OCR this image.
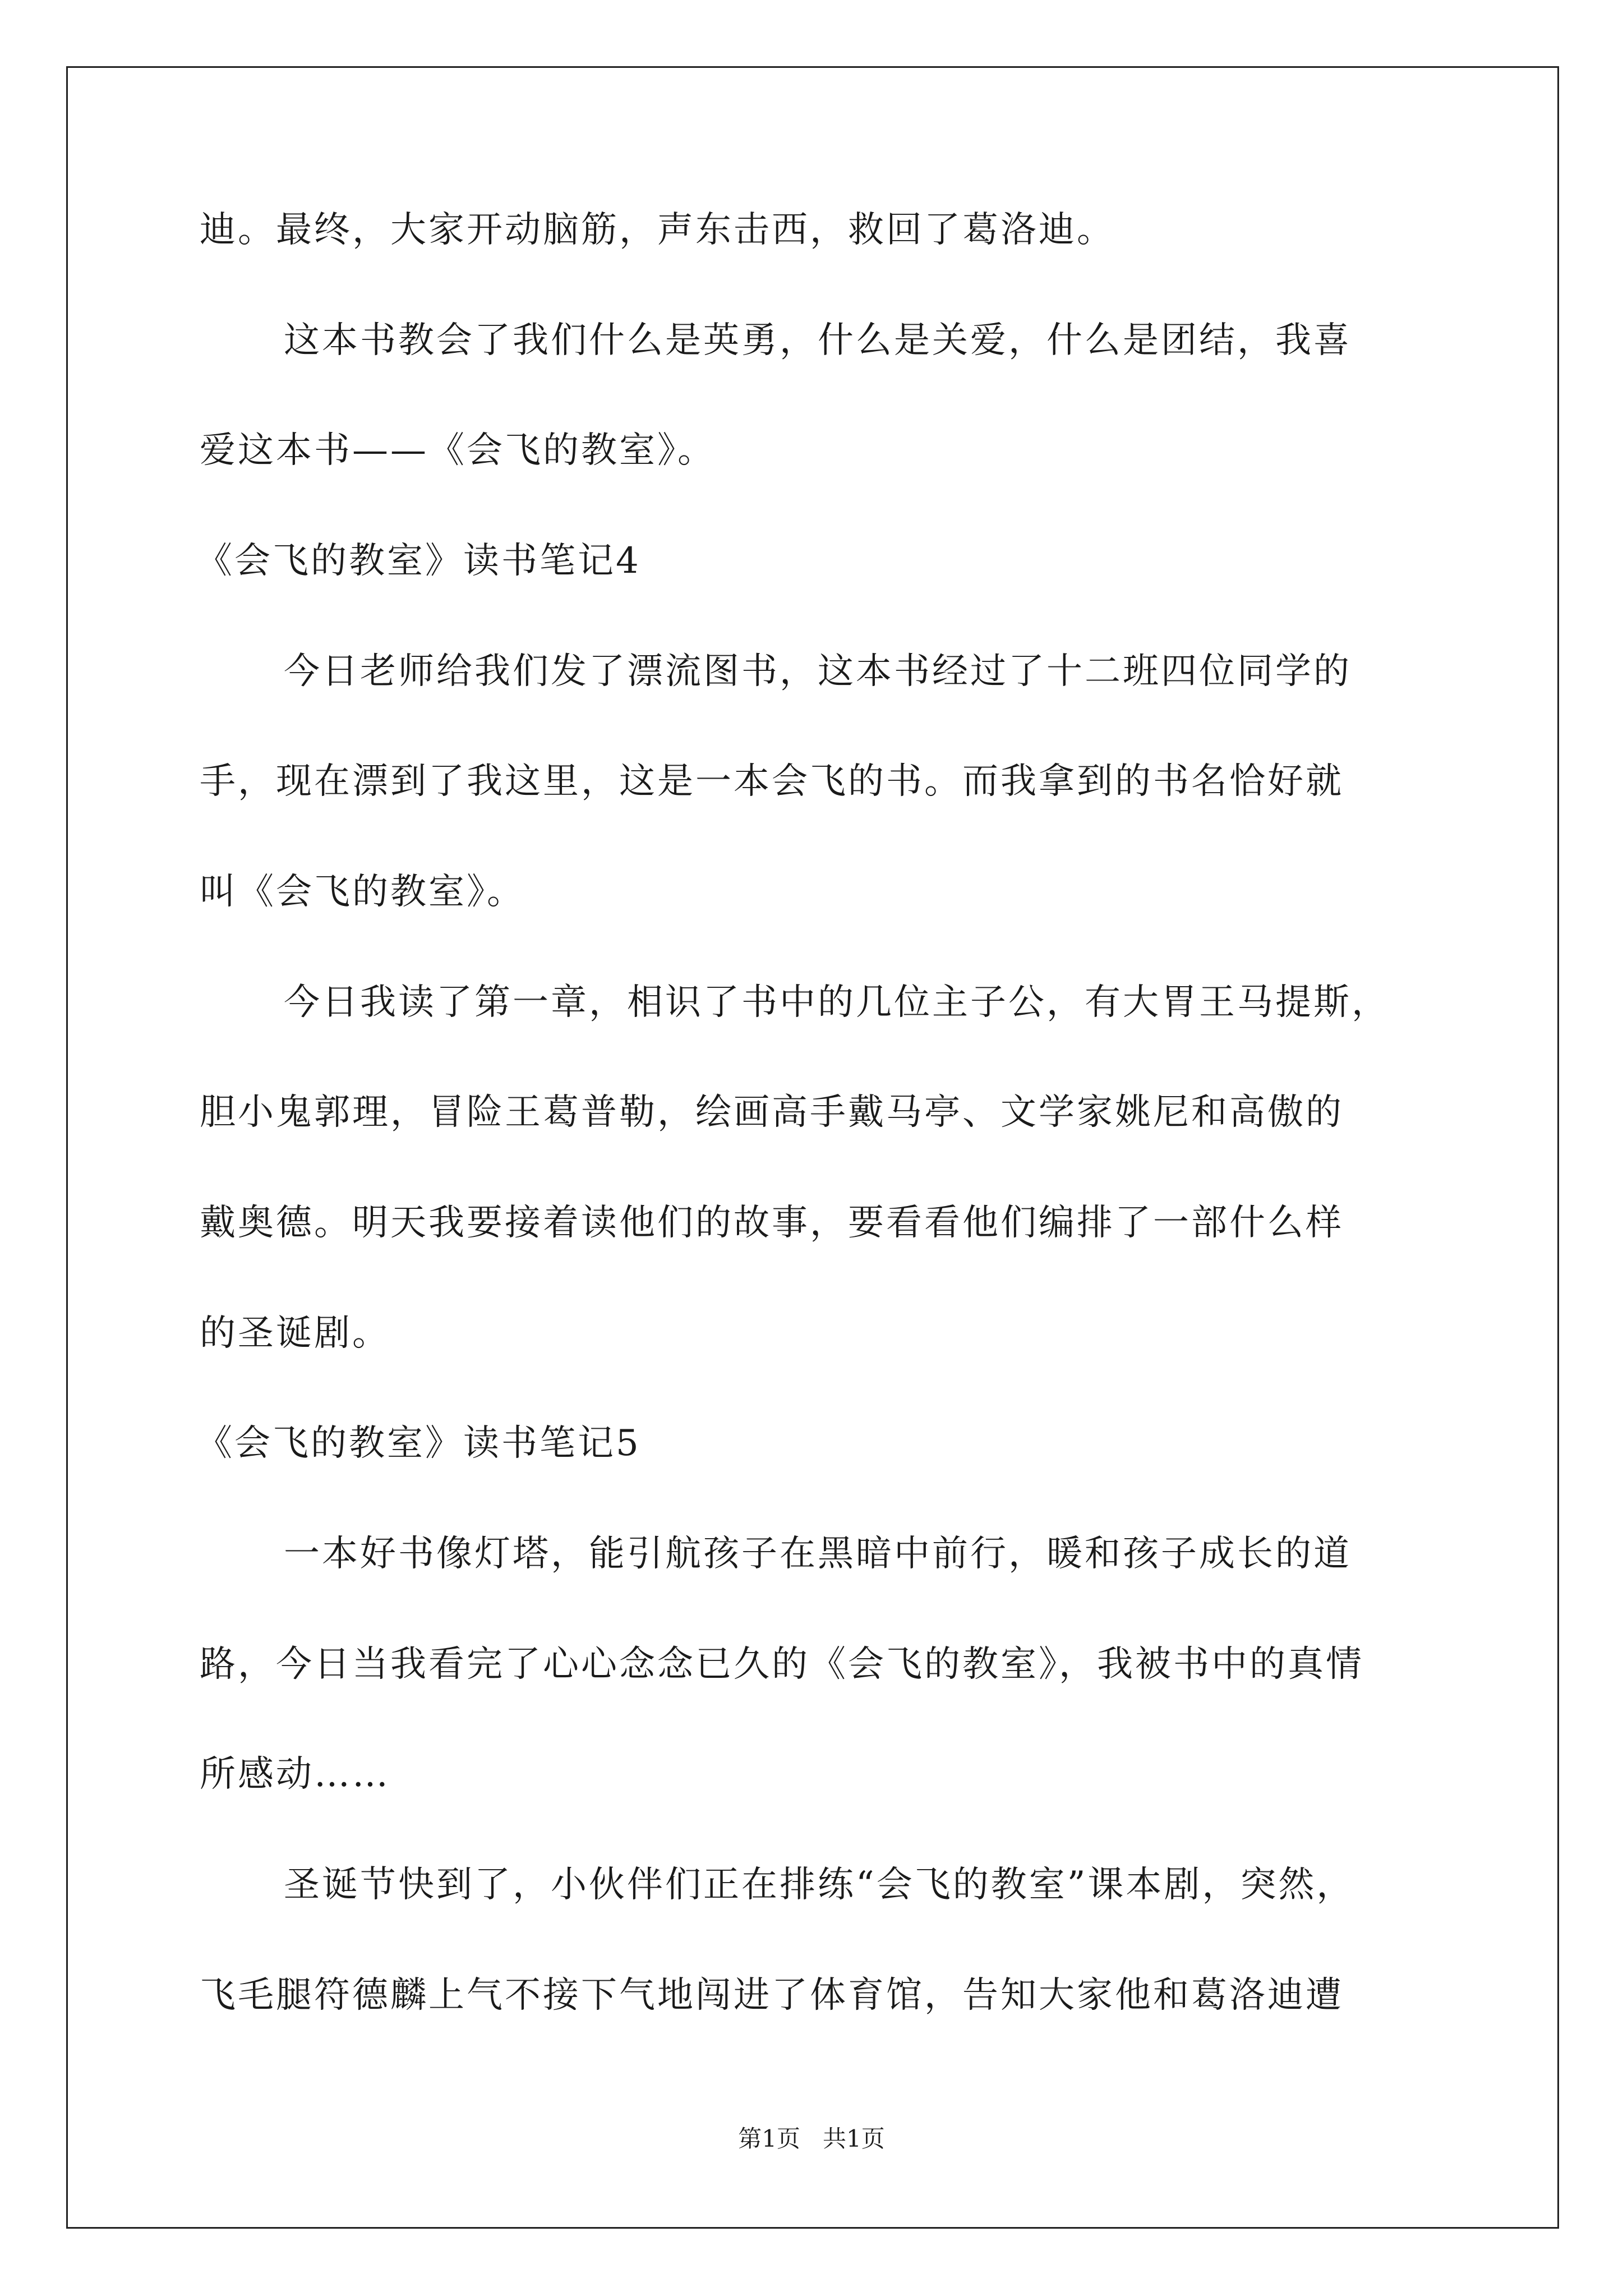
迪。最终，大家开动脑筋，声东击西，救回了葛洛迪。
这本书教会了我们什么是英勇，什么是关爱，什么是团结，我喜
爱这本书——《会飞的教室》。
《会飞的教室》读书笔记4
今日老师给我们发了漂流图书，这本书经过了十二班四位同学的
手，现在漂到了我这里，这是一本会飞的书。而我拿到的书名恰好就
叫《会飞的教室》。
今日我读了第一章，相识了书中的几位主子公，有大胃王马提斯，
胆小鬼郭理，冒险王葛普勒，绘画高手戴马亭、文学家姚尼和高傲的
戴奥德。明天我要接着读他们的故事，要看看他们编排了一部什么样
的圣诞剧。
《会飞的教室》读书笔记5
一本好书像灯塔，能引航孩子在黑暗中前行，暖和孩子成长的道
路，今日当我看完了心心念念已久的《会飞的教室》，我被书中的真情
所感动……
圣诞节快到了，小伙伴们正在排练“会飞的教室”课本剧，突然，
飞毛腿符德麟上气不接下气地闯进了体育馆，告知大家他和葛洛迪遭
第1页   共1页
